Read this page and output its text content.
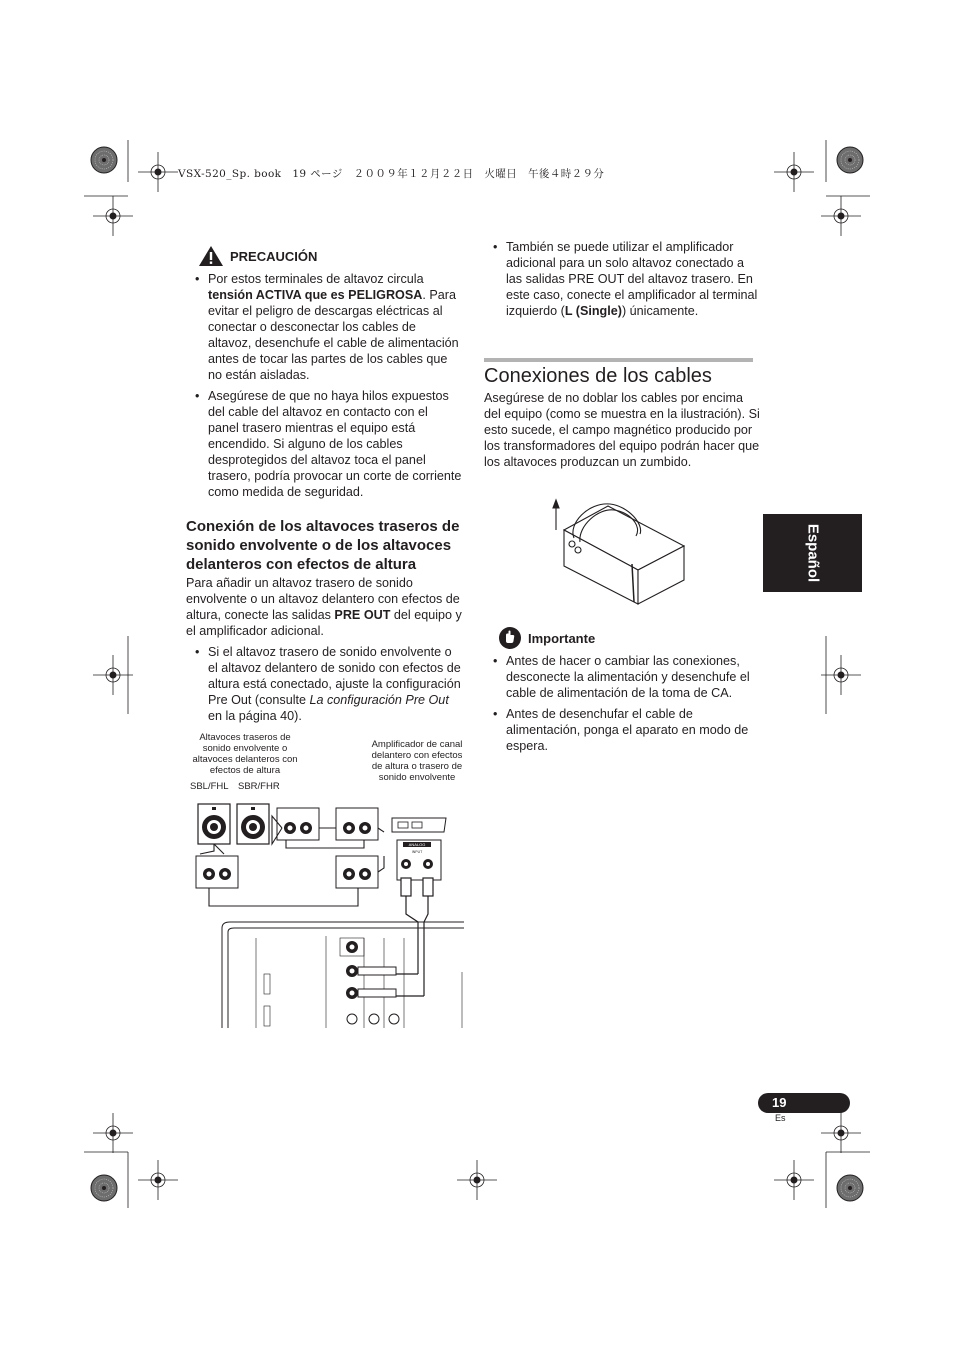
VSX-520_Sp. book　19 ページ　２００９年１２月２２日　火曜日　午後４時２９分
PRECAUCIÓN
• Por estos terminales de altavoz circula tensión ACTIVA que es PELIGROSA. Para evitar el peligro de descargas eléctricas al conectar o desconectar los cables de altavoz, desenchufe el cable de alimentación antes de tocar las partes de los cables que no están aisladas.
• Asegúrese de que no haya hilos expuestos del cable del altavoz en contacto con el panel trasero mientras el equipo está encendido. Si alguno de los cables desprotegidos del altavoz toca el panel trasero, podría provocar un corte de corriente como medida de seguridad.
Conexión de los altavoces traseros de sonido envolvente o de los altavoces delanteros con efectos de altura

Para añadir un altavoz trasero de sonido envolvente o un altavoz delantero con efectos de altura, conecte las salidas PRE OUT del equipo y el amplificador adicional.

• Si el altavoz trasero de sonido envolvente o el altavoz delantero de sonido con efectos de altura está conectado, ajuste la configuración Pre Out (consulte La configuración Pre Out en la página 40).
Altavoces traseros de sonido envolvente o altavoces delanteros con efectos de altura
Amplificador de canal delantero con efectos de altura o trasero de sonido envolvente
SBL/FHL SBR/FHR
ANALOG
INPUT
• También se puede utilizar el amplificador adicional para un solo altavoz conectado a las salidas PRE OUT del altavoz trasero. En este caso, conecte el amplificador al terminal izquierdo (L (Single)) únicamente.
Conexiones de los cables

Asegúrese de no doblar los cables por encima del equipo (como se muestra en la ilustración). Si esto sucede, el campo magnético producido por los transformadores del equipo podrán hacer que los altavoces produzcan un zumbido.

Importante
• Antes de hacer o cambiar las conexiones, desconecte la alimentación y desenchufe el cable de alimentación de la toma de CA.
• Antes de desenchufar el cable de alimentación, ponga el aparato en modo de espera.
Español
19
Es
